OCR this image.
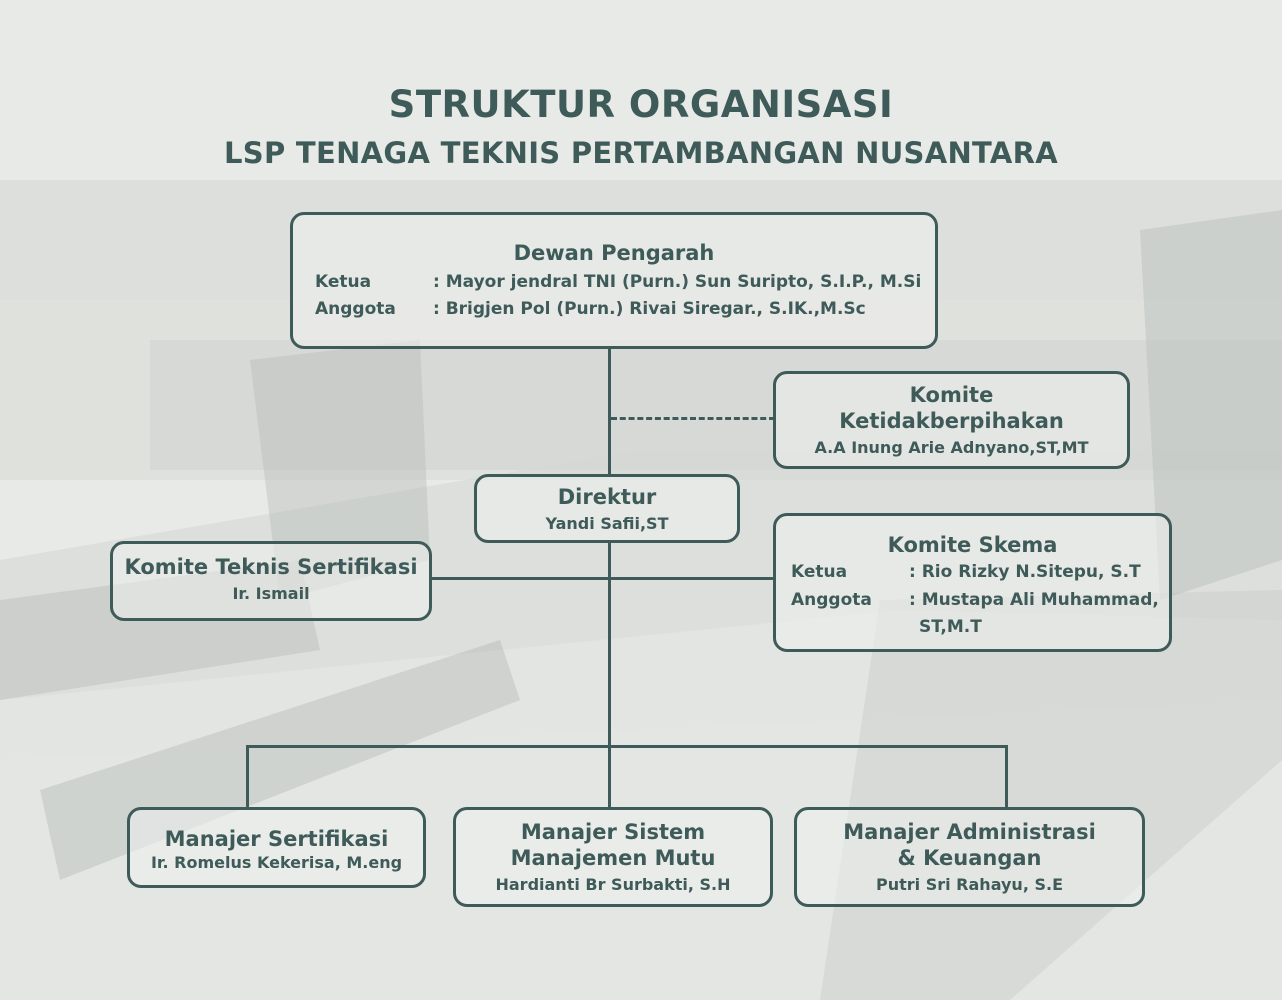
STRUKTUR ORGANISASI
LSP TENAGA TEKNIS PERTAMBANGAN NUSANTARA
Dewan Pengarah
Ketua	: Mayor jendral TNI (Purn.) Sun Suripto, S.I.P., M.Si
Anggota : Brigjen Pol (Purn.) Rivai Siregar., S.IK.,M.Sc
Komite
Ketidakberpihakan
A.A Inung Arie Adnyano,ST,MT
Direktur
Yandi Safii,ST
Komite Teknis Sertifikasi
Ir. Ismail
Komite Skema
Ketua	: Rio Rizky N.Sitepu, S.T
Anggota : Mustapa Ali Muhammad,
ST,M.T
Manajer Sertifikasi
Ir. Romelus Kekerisa, M.eng
Manajer Sistem
Manajemen Mutu
Hardianti Br Surbakti, S.H
Manajer Administrasi
& Keuangan
Putri Sri Rahayu, S.E
